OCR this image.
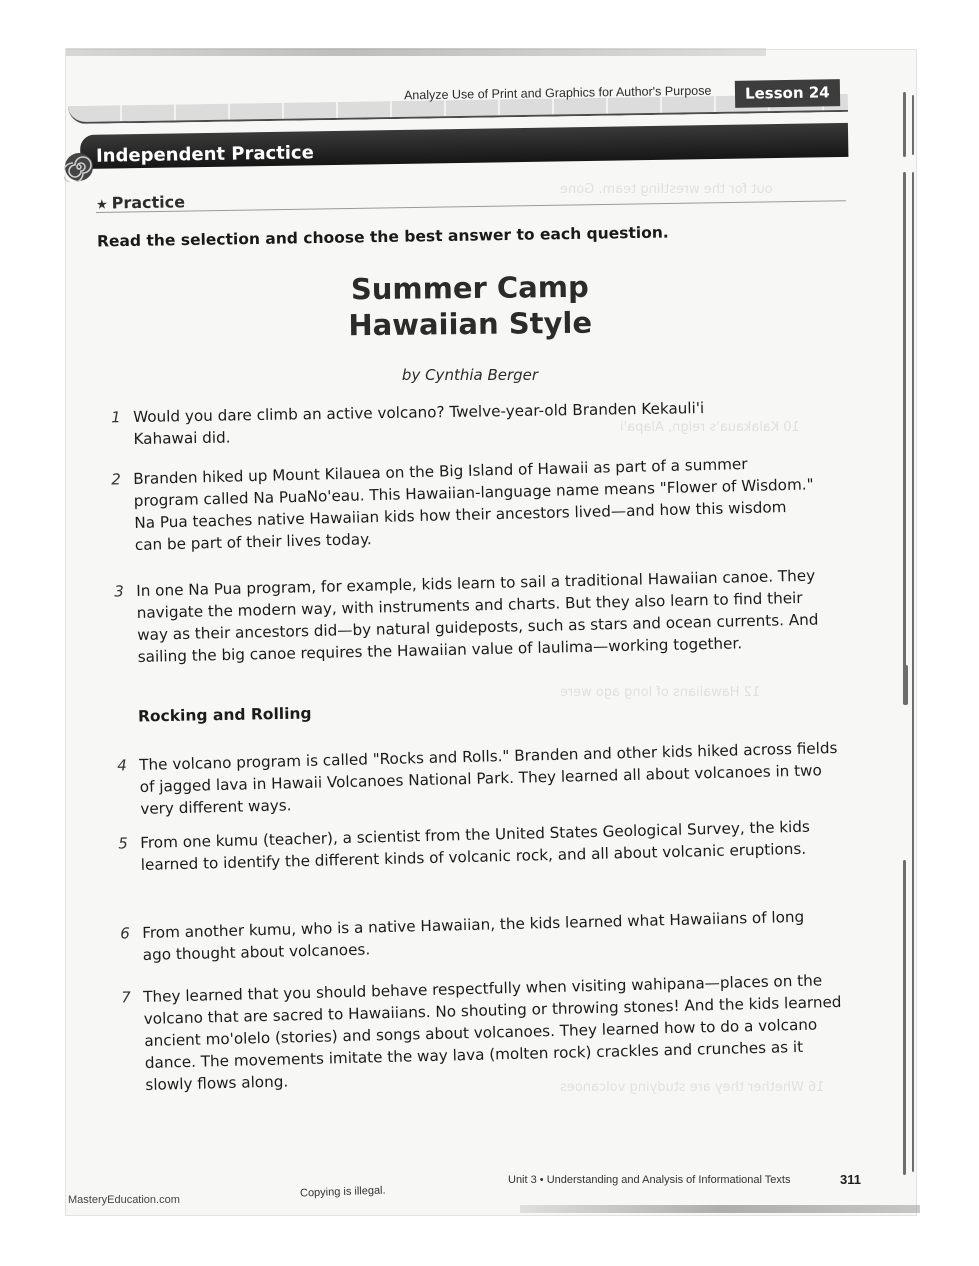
out for the wrestling team. Gone
10 Kalakaua's reign, Alapa'i
12 Hawaiians of long ago were
16 Whether they are studying volcanoes
Analyze Use of Print and Graphics for Author's Purpose	Lesson 24
Independent Practice
★ Practice
Read the selection and choose the best answer to each question.
Summer Camp
Hawaiian Style
by Cynthia Berger
1 Would you dare climb an active volcano? Twelve-year-old Branden Kekauli'i Kahawai did.
2 Branden hiked up Mount Kilauea on the Big Island of Hawaii as part of a summer program called Na PuaNo'eau. This Hawaiian-language name means "Flower of Wisdom." Na Pua teaches native Hawaiian kids how their ancestors lived—and how this wisdom can be part of their lives today.
3 In one Na Pua program, for example, kids learn to sail a traditional Hawaiian canoe. They navigate the modern way, with instruments and charts. But they also learn to find their way as their ancestors did—by natural guideposts, such as stars and ocean currents. And sailing the big canoe requires the Hawaiian value of laulima—working together.
Rocking and Rolling
4 The volcano program is called "Rocks and Rolls." Branden and other kids hiked across fields of jagged lava in Hawaii Volcanoes National Park. They learned all about volcanoes in two very different ways.
5 From one kumu (teacher), a scientist from the United States Geological Survey, the kids learned to identify the different kinds of volcanic rock, and all about volcanic eruptions.
6 From another kumu, who is a native Hawaiian, the kids learned what Hawaiians of long ago thought about volcanoes.
7 They learned that you should behave respectfully when visiting wahipana—places on the volcano that are sacred to Hawaiians. No shouting or throwing stones! And the kids learned ancient mo'olelo (stories) and songs about volcanoes. They learned how to do a volcano dance. The movements imitate the way lava (molten rock) crackles and crunches as it slowly flows along.
MasteryEducation.com
Copying is illegal.
Unit 3 • Understanding and Analysis of Informational Texts	311
